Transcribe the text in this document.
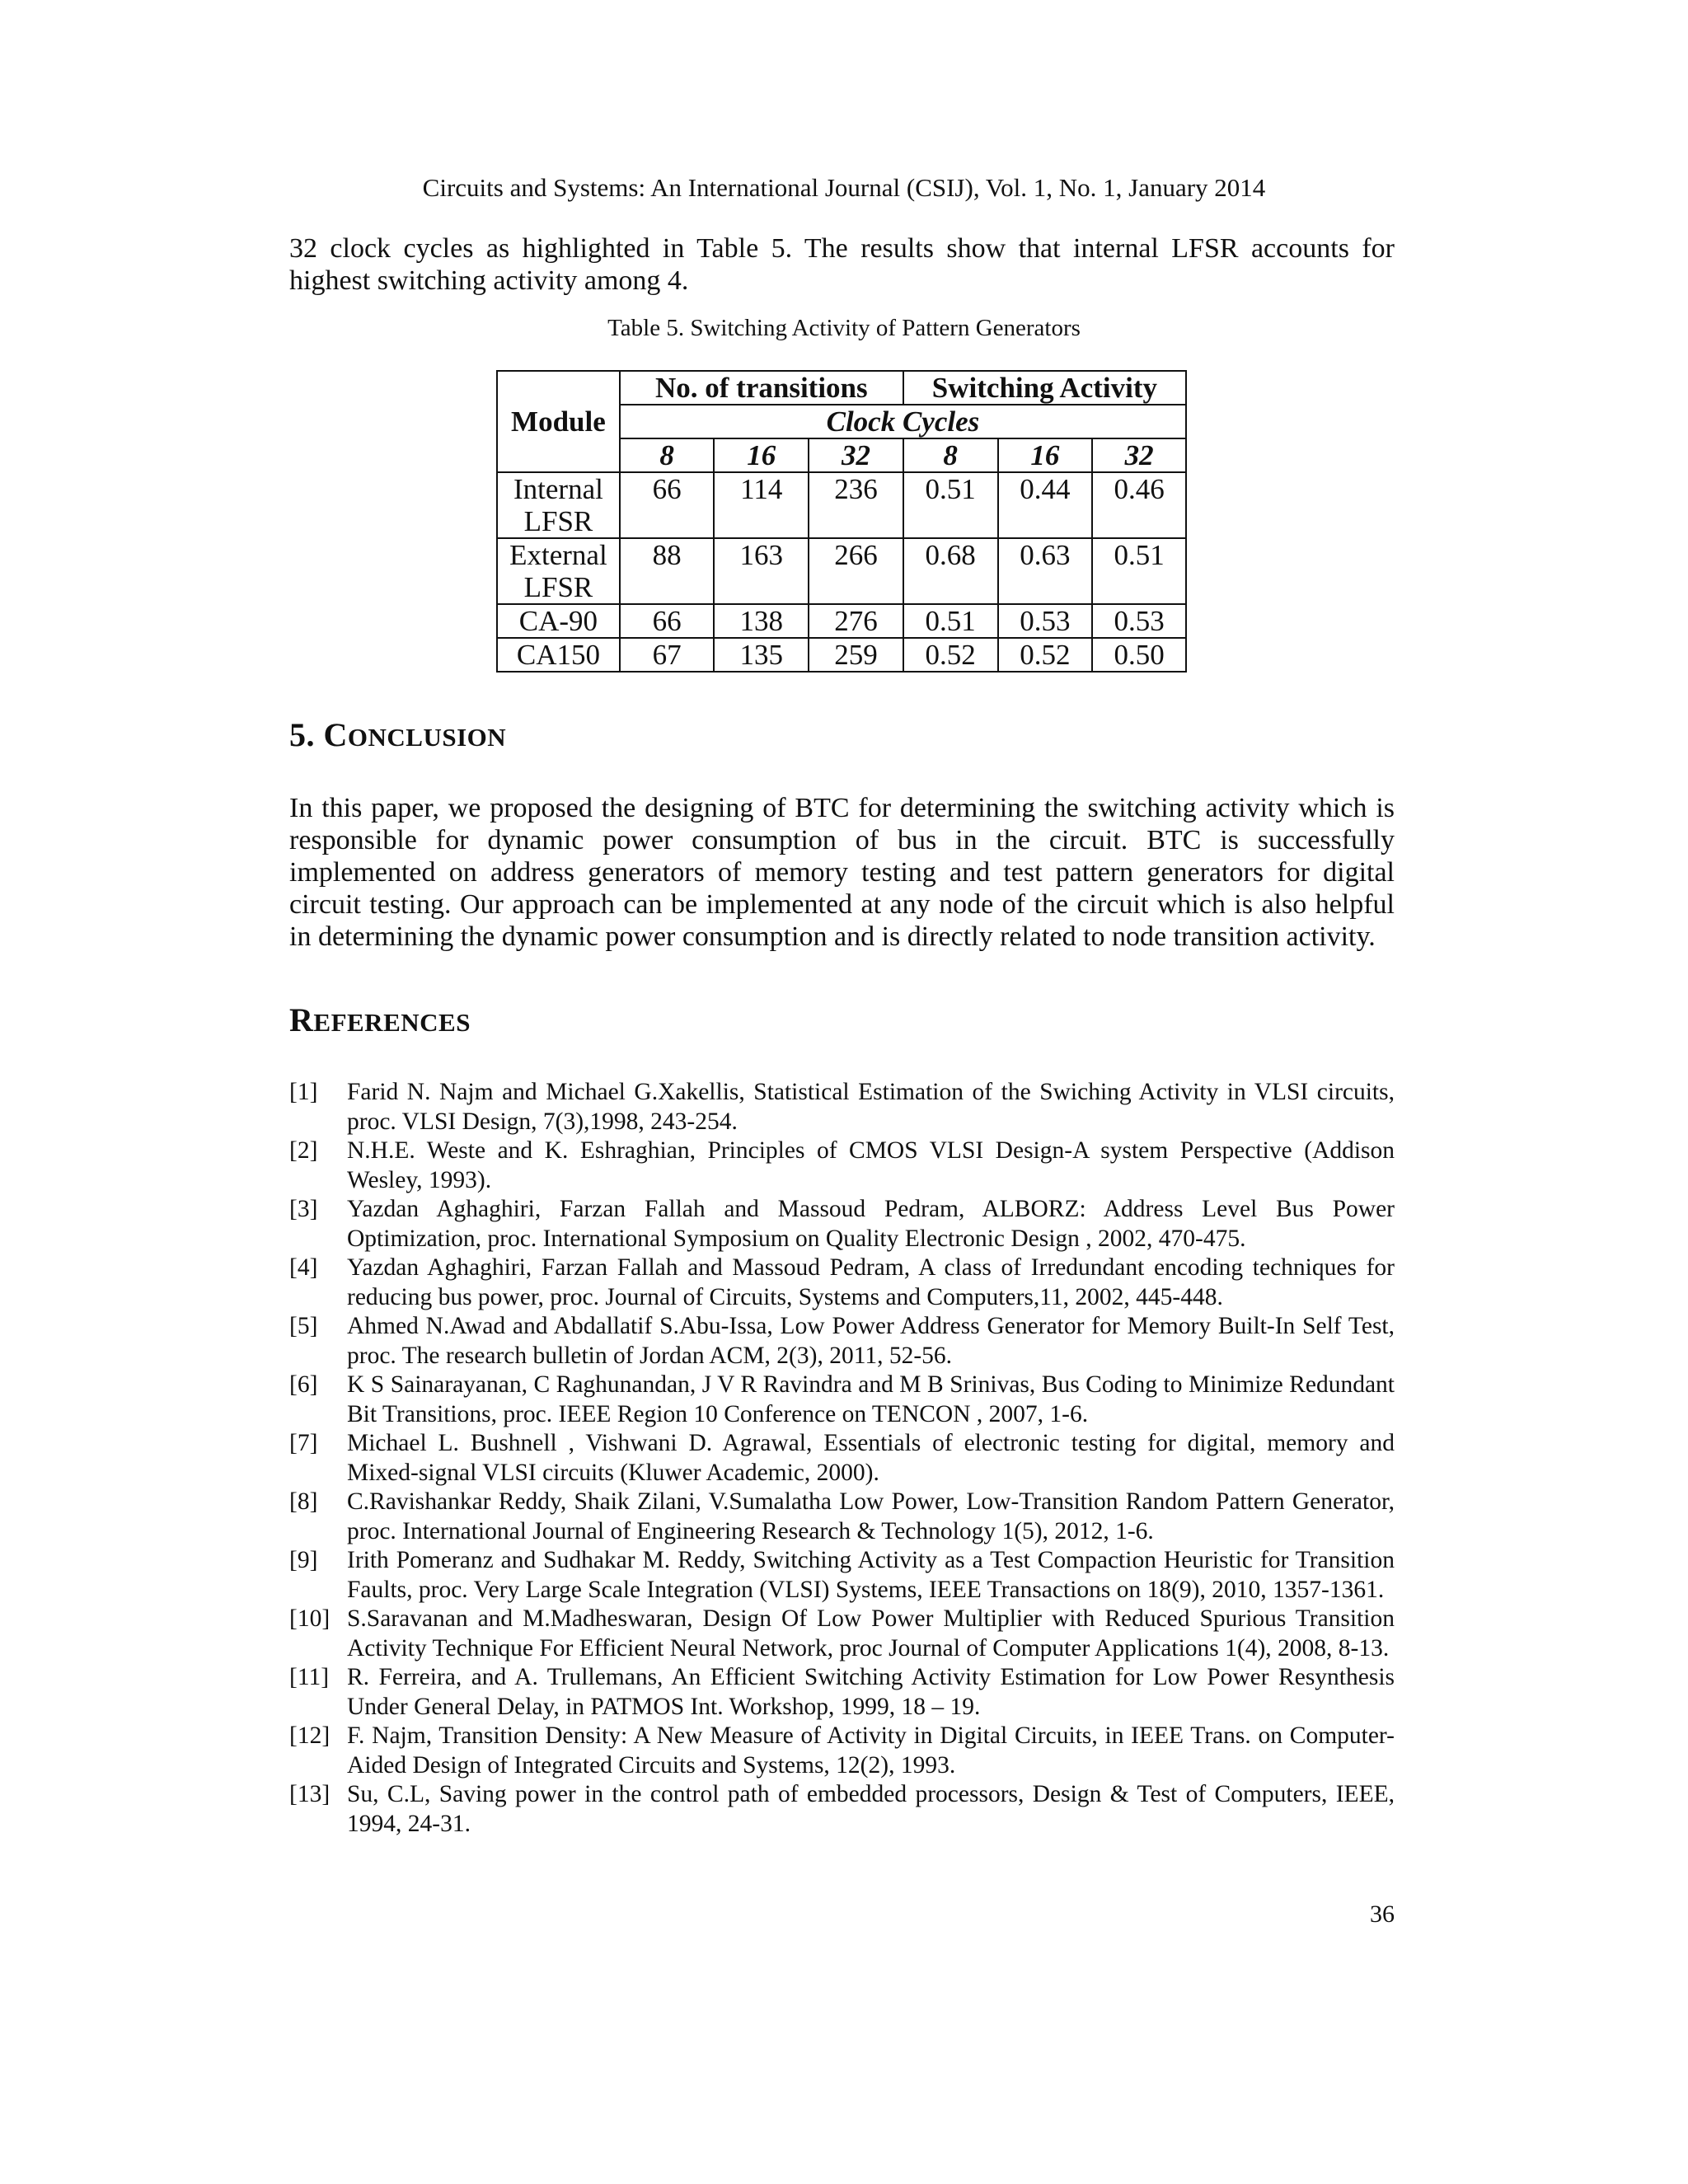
Circuits and Systems: An International Journal (CSIJ), Vol. 1, No. 1, January 2014

32 clock cycles as highlighted in Table 5. The results show that internal LFSR accounts for highest switching activity among 4.

Table 5. Switching Activity of Pattern Generators
Module	No. of transitions			Switching Activity		
	Clock Cycles					
	8	16	32	8	16	32
Internal LFSR	66	114	236	0.51	0.44	0.46
External LFSR	88	163	266	0.68	0.63	0.51
CA-90	66	138	276	0.51	0.53	0.53
CA150	67	135	259	0.52	0.52	0.50
5. CONCLUSION

In this paper, we proposed the designing of BTC for determining the switching activity which is responsible for dynamic power consumption of bus in the circuit. BTC is successfully implemented on address generators of memory testing and test pattern generators for digital circuit testing. Our approach can be implemented at any node of the circuit which is also helpful in determining the dynamic power consumption and is directly related to node transition activity.

REFERENCES
[1] Farid N. Najm and Michael G.Xakellis, Statistical Estimation of the Swiching Activity in VLSI circuits, proc. VLSI Design, 7(3),1998, 243-254.
[2] N.H.E. Weste and K. Eshraghian, Principles of CMOS VLSI Design-A system Perspective (Addison Wesley, 1993).
[3] Yazdan Aghaghiri, Farzan Fallah and Massoud Pedram, ALBORZ: Address Level Bus Power Optimization, proc. International Symposium on Quality Electronic Design , 2002, 470-475.
[4] Yazdan Aghaghiri, Farzan Fallah and Massoud Pedram, A class of Irredundant encoding techniques for reducing bus power, proc. Journal of Circuits, Systems and Computers,11, 2002, 445-448.
[5] Ahmed N.Awad and Abdallatif S.Abu-Issa, Low Power Address Generator for Memory Built-In Self Test, proc. The research bulletin of Jordan ACM, 2(3), 2011, 52-56.
[6] K S Sainarayanan, C Raghunandan, J V R Ravindra and M B Srinivas, Bus Coding to Minimize Redundant Bit Transitions, proc. IEEE Region 10 Conference on TENCON , 2007, 1-6.
[7] Michael L. Bushnell , Vishwani D. Agrawal, Essentials of electronic testing for digital, memory and Mixed-signal VLSI circuits (Kluwer Academic, 2000).
[8] C.Ravishankar Reddy, Shaik Zilani, V.Sumalatha Low Power, Low-Transition Random Pattern Generator, proc. International Journal of Engineering Research & Technology 1(5), 2012, 1-6.
[9] Irith Pomeranz and Sudhakar M. Reddy, Switching Activity as a Test Compaction Heuristic for Transition Faults, proc. Very Large Scale Integration (VLSI) Systems, IEEE Transactions on 18(9), 2010, 1357-1361.
[10] S.Saravanan and M.Madheswaran, Design Of Low Power Multiplier with Reduced Spurious Transition Activity Technique For Efficient Neural Network, proc Journal of Computer Applications 1(4), 2008, 8-13.
[11] R. Ferreira, and A. Trullemans, An Efficient Switching Activity Estimation for Low Power Resynthesis Under General Delay, in PATMOS Int. Workshop, 1999, 18 – 19.
[12] F. Najm, Transition Density: A New Measure of Activity in Digital Circuits, in IEEE Trans. on Computer- Aided Design of Integrated Circuits and Systems, 12(2), 1993.
[13] Su, C.L, Saving power in the control path of embedded processors, Design & Test of Computers, IEEE, 1994, 24-31.
36
